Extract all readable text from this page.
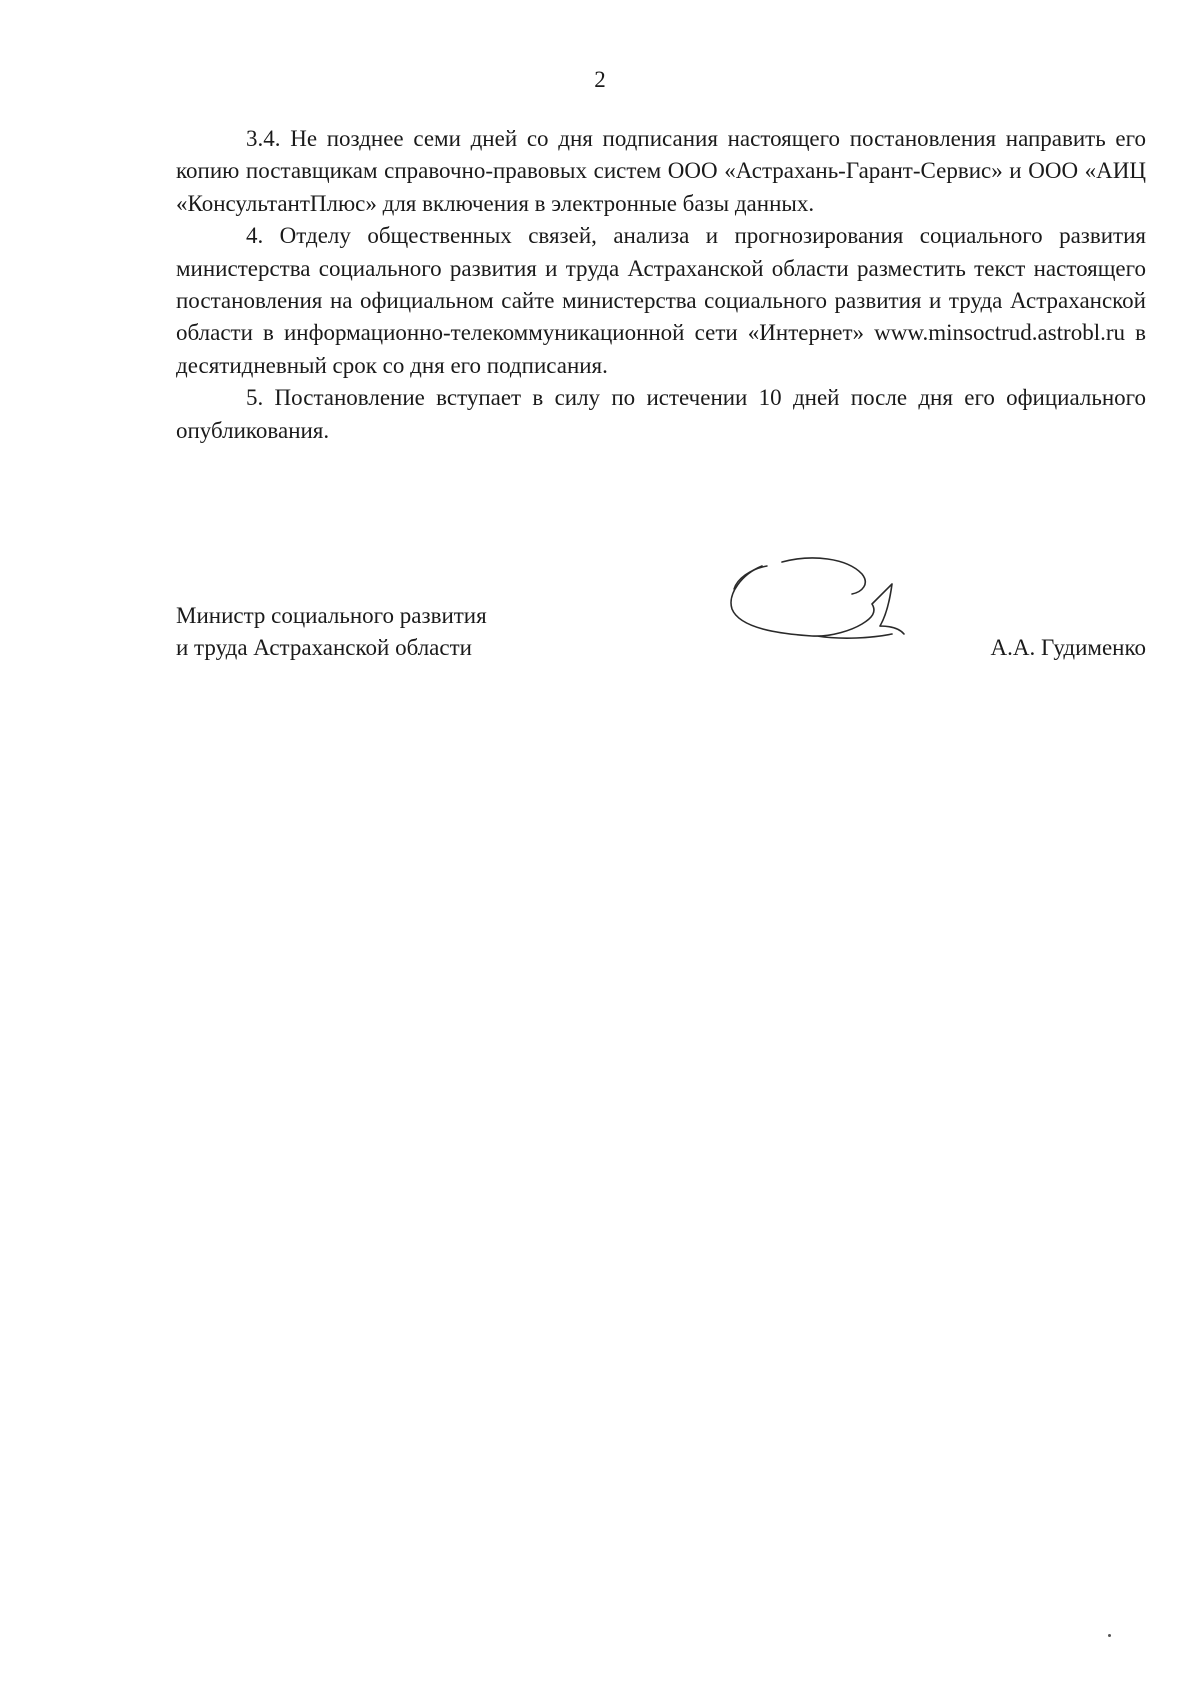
2

3.4. Не позднее семи дней со дня подписания настоящего постановления направить его копию поставщикам справочно-правовых систем ООО «Астрахань-Гарант-Сервис» и ООО «АИЦ «КонсультантПлюс» для включения в электронные базы данных.

4. Отделу общественных связей, анализа и прогнозирования социального развития министерства социального развития и труда Астраханской области разместить текст настоящего постановления на официальном сайте министерства социального развития и труда Астраханской области в информационно-телекоммуникационной сети «Интернет» www.minsoctrud.astrobl.ru в десятидневный срок со дня его подписания.

5. Постановление вступает в силу по истечении 10 дней после дня его официального опубликования.

Министр социального развития
и труда Астраханской области	А.А. Гудименко
